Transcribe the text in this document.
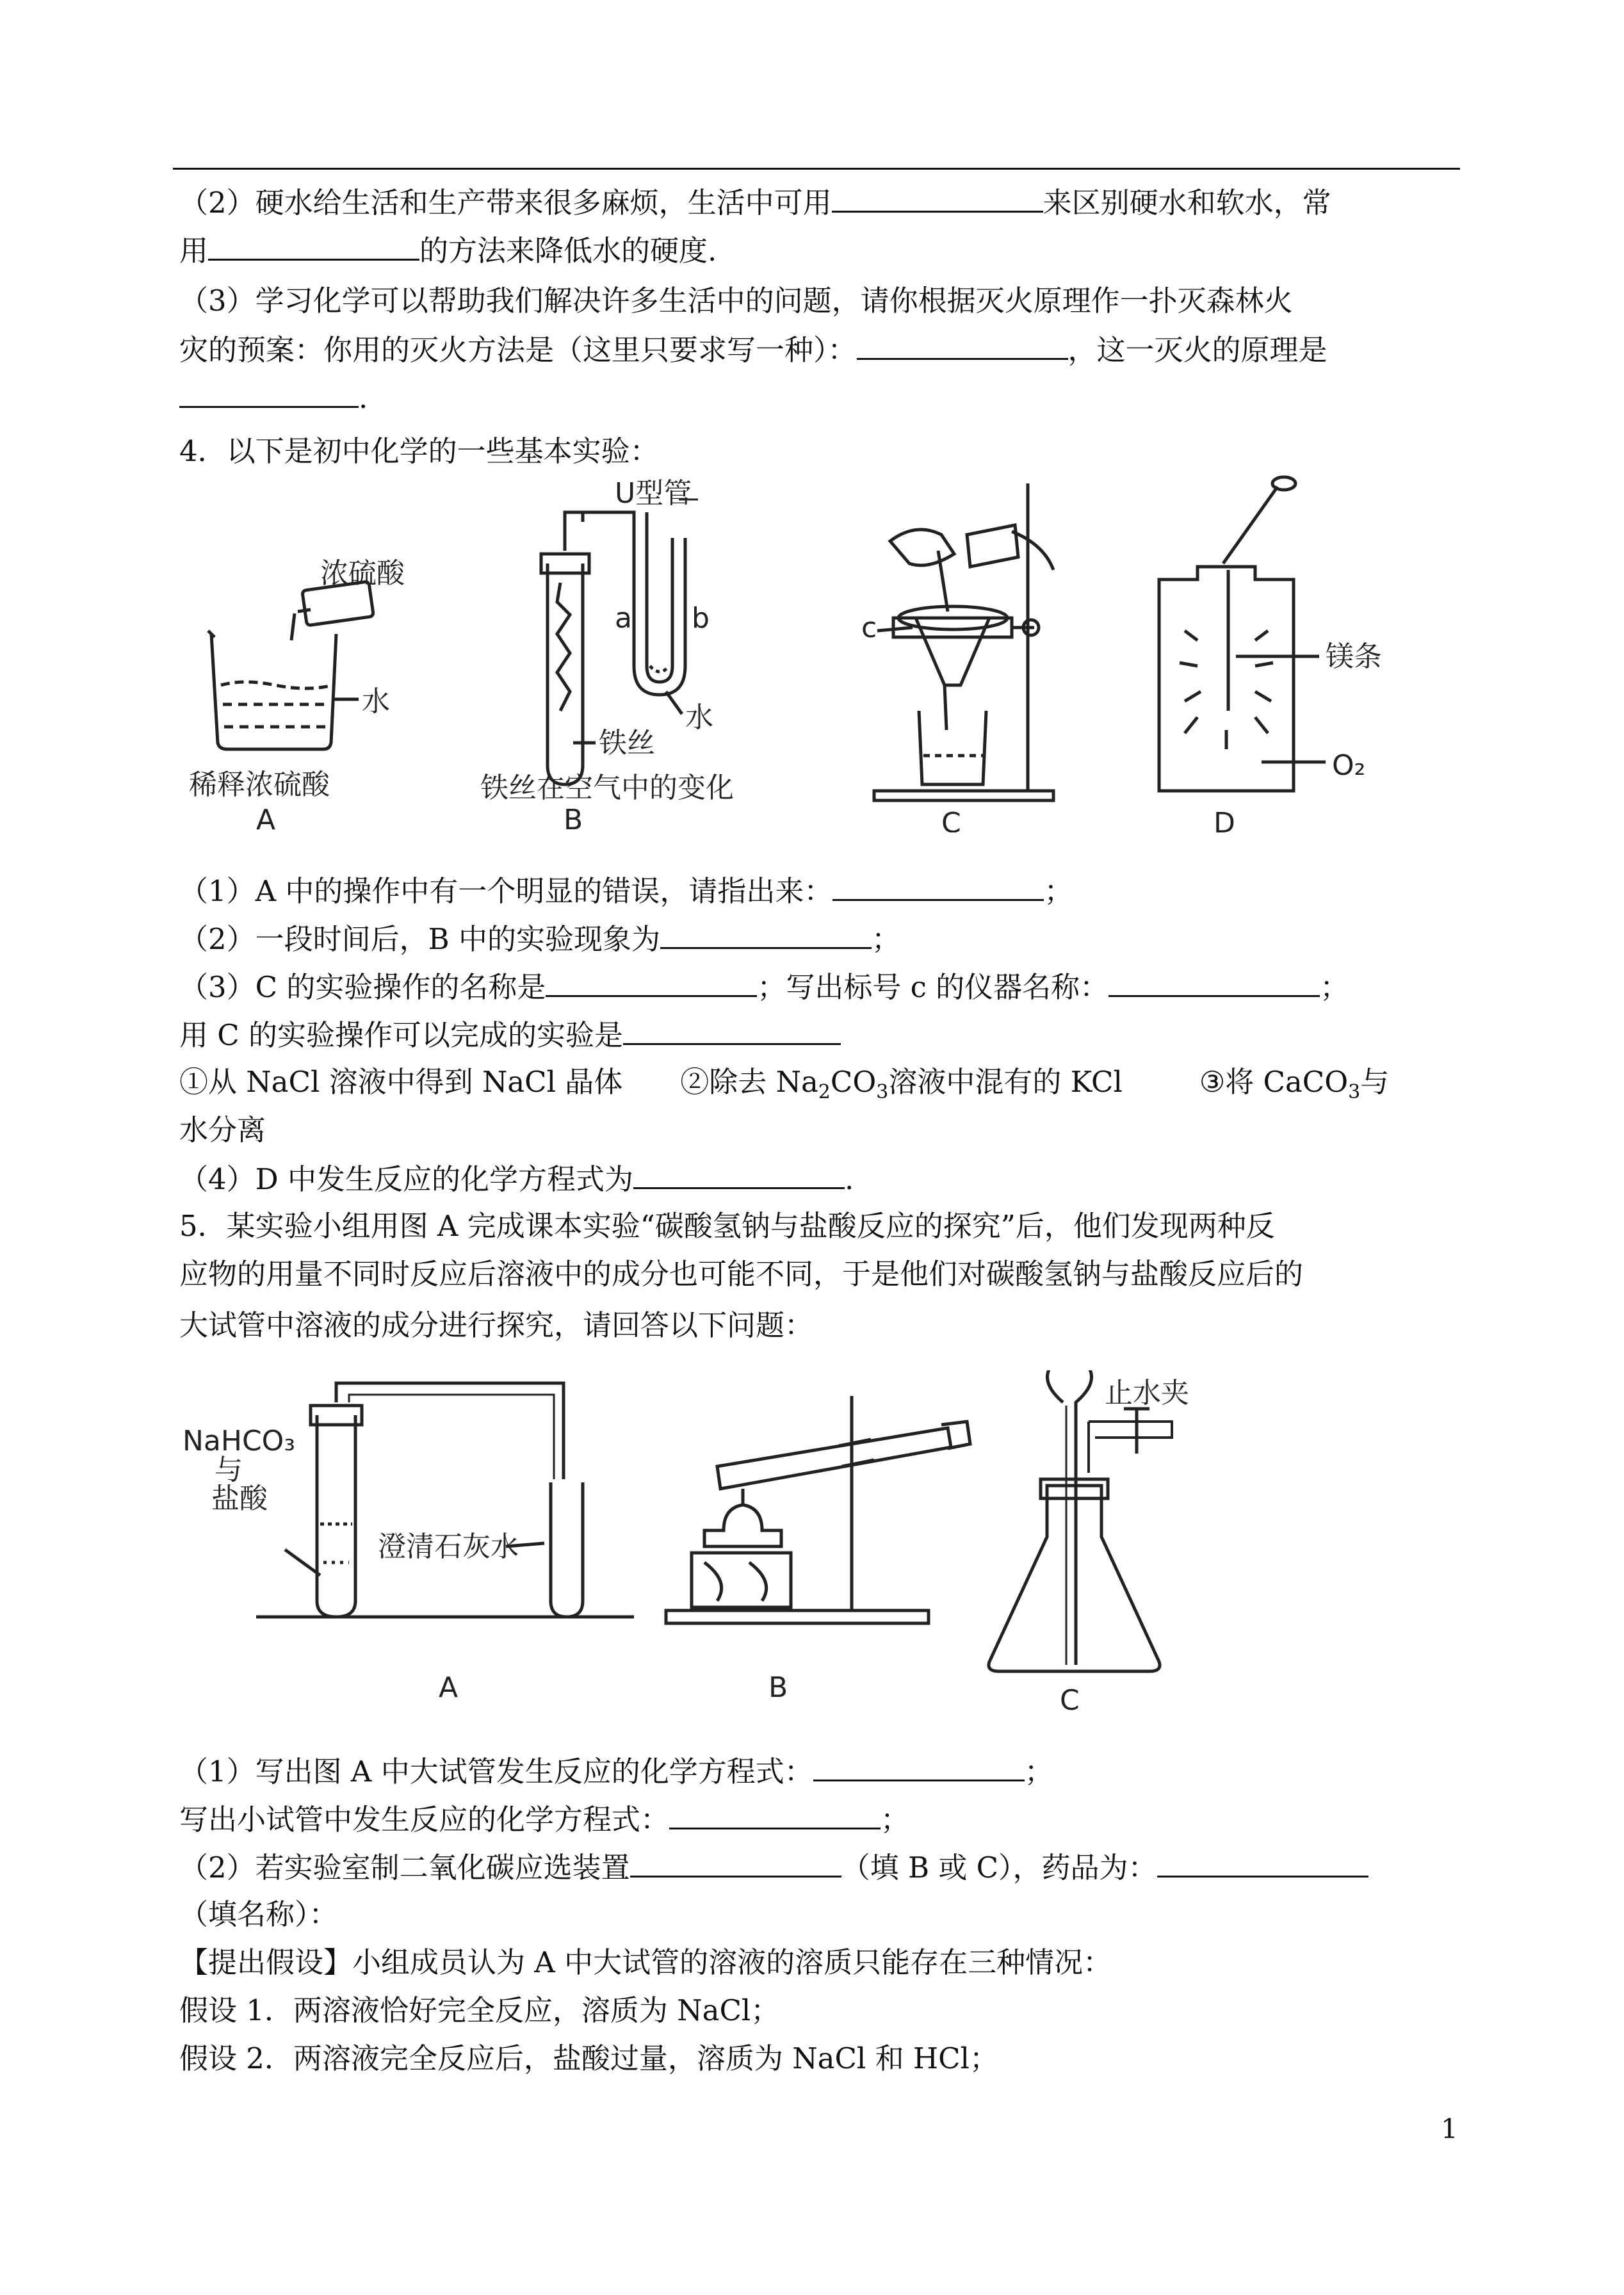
（2）硬水给生活和生产带来很多麻烦，生活中可用	来区别硬水和软水，常
用	的方法来降低水的硬度.
（3）学习化学可以帮助我们解决许多生活中的问题，请你根据灭火原理作一扑灭森林火
灾的预案：你用的灭火方法是（这里只要求写一种）：	，这一灭火的原理是
.
4．以下是初中化学的一些基本实验：
浓硫酸
水
稀释浓硫酸
A
U型管
a b
水
铁丝
铁丝在空气中的变化
B
c
C
镁条
O₂
D
（1）A 中的操作中有一个明显的错误，请指出来：	；
（2）一段时间后，B 中的实验现象为	；
（3）C 的实验操作的名称是	；写出标号 c 的仪器名称：	；
用 C 的实验操作可以完成的实验是
①从 NaCl 溶液中得到 NaCl 晶体 ②除去 $Na_2CO_3$溶液中混有的 KCl	③将 CaCO$_3$与
水分离
（4）D 中发生反应的化学方程式为	.
5．某实验小组用图 A 完成课本实验“碳酸氢钠与盐酸反应的探究”后，他们发现两种反
应物的用量不同时反应后溶液中的成分也可能不同，于是他们对碳酸氢钠与盐酸反应后的
大试管中溶液的成分进行探究，请回答以下问题：
NaHCO₃
与
盐酸
澄清石灰水
A	B
止水夹
C
（1）写出图 A 中大试管发生反应的化学方程式：	；
写出小试管中发生反应的化学方程式：	；
（2）若实验室制二氧化碳应选装置	（填 B 或 C），药品为：
（填名称）：
【提出假设】小组成员认为 A 中大试管的溶液的溶质只能存在三种情况：
假设 1．两溶液恰好完全反应，溶质为 NaCl；
假设 2．两溶液完全反应后，盐酸过量，溶质为 NaCl 和 HCl；
1
